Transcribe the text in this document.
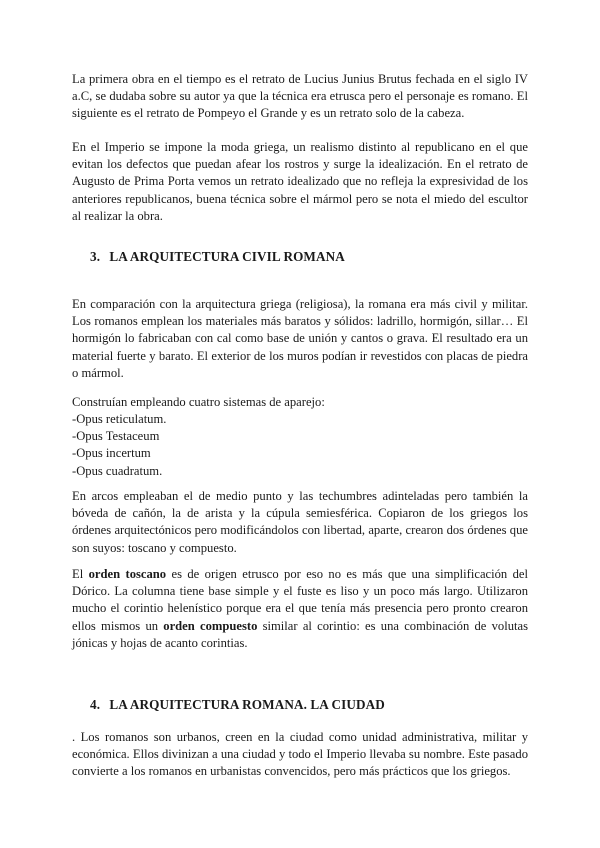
La primera obra en el tiempo es el retrato de Lucius Junius Brutus fechada en el siglo IV a.C, se dudaba sobre su autor ya que la técnica era etrusca pero el personaje es romano. El siguiente es el retrato de Pompeyo el Grande y es un retrato solo de la cabeza.

En el Imperio se impone la moda griega, un realismo distinto al republicano en el que evitan los defectos que puedan afear los rostros y surge la idealización. En el retrato de Augusto de Prima Porta vemos un retrato idealizado que no refleja la expresividad de los anteriores republicanos, buena técnica sobre el mármol pero se nota el miedo del escultor al realizar la obra.

3. LA ARQUITECTURA CIVIL ROMANA

En comparación con la arquitectura griega (religiosa), la romana era más civil y militar. Los romanos emplean los materiales más baratos y sólidos: ladrillo, hormigón, sillar… El hormigón lo fabricaban con cal como base de unión y cantos o grava. El resultado era un material fuerte y barato. El exterior de los muros podían ir revestidos con placas de piedra o mármol.

Construían empleando cuatro sistemas de aparejo:

-Opus reticulatum.
-Opus Testaceum
-Opus incertum
-Opus cuadratum.

En arcos empleaban el de medio punto y las techumbres adinteladas pero también la bóveda de cañón, la de arista y la cúpula semiesférica. Copiaron de los griegos los órdenes arquitectónicos pero modificándolos con libertad, aparte, crearon dos órdenes que son suyos: toscano y compuesto.

El orden toscano es de origen etrusco por eso no es más que una simplificación del Dórico. La columna tiene base simple y el fuste es liso y un poco más largo. Utilizaron mucho el corintio helenístico porque era el que tenía más presencia pero pronto crearon ellos mismos un orden compuesto similar al corintio: es una combinación de volutas jónicas y hojas de acanto corintias.

4. LA ARQUITECTURA ROMANA. LA CIUDAD

. Los romanos son urbanos, creen en la ciudad como unidad administrativa, militar y económica. Ellos divinizan a una ciudad y todo el Imperio llevaba su nombre. Este pasado convierte a los romanos en urbanistas convencidos, pero más prácticos que los griegos.
